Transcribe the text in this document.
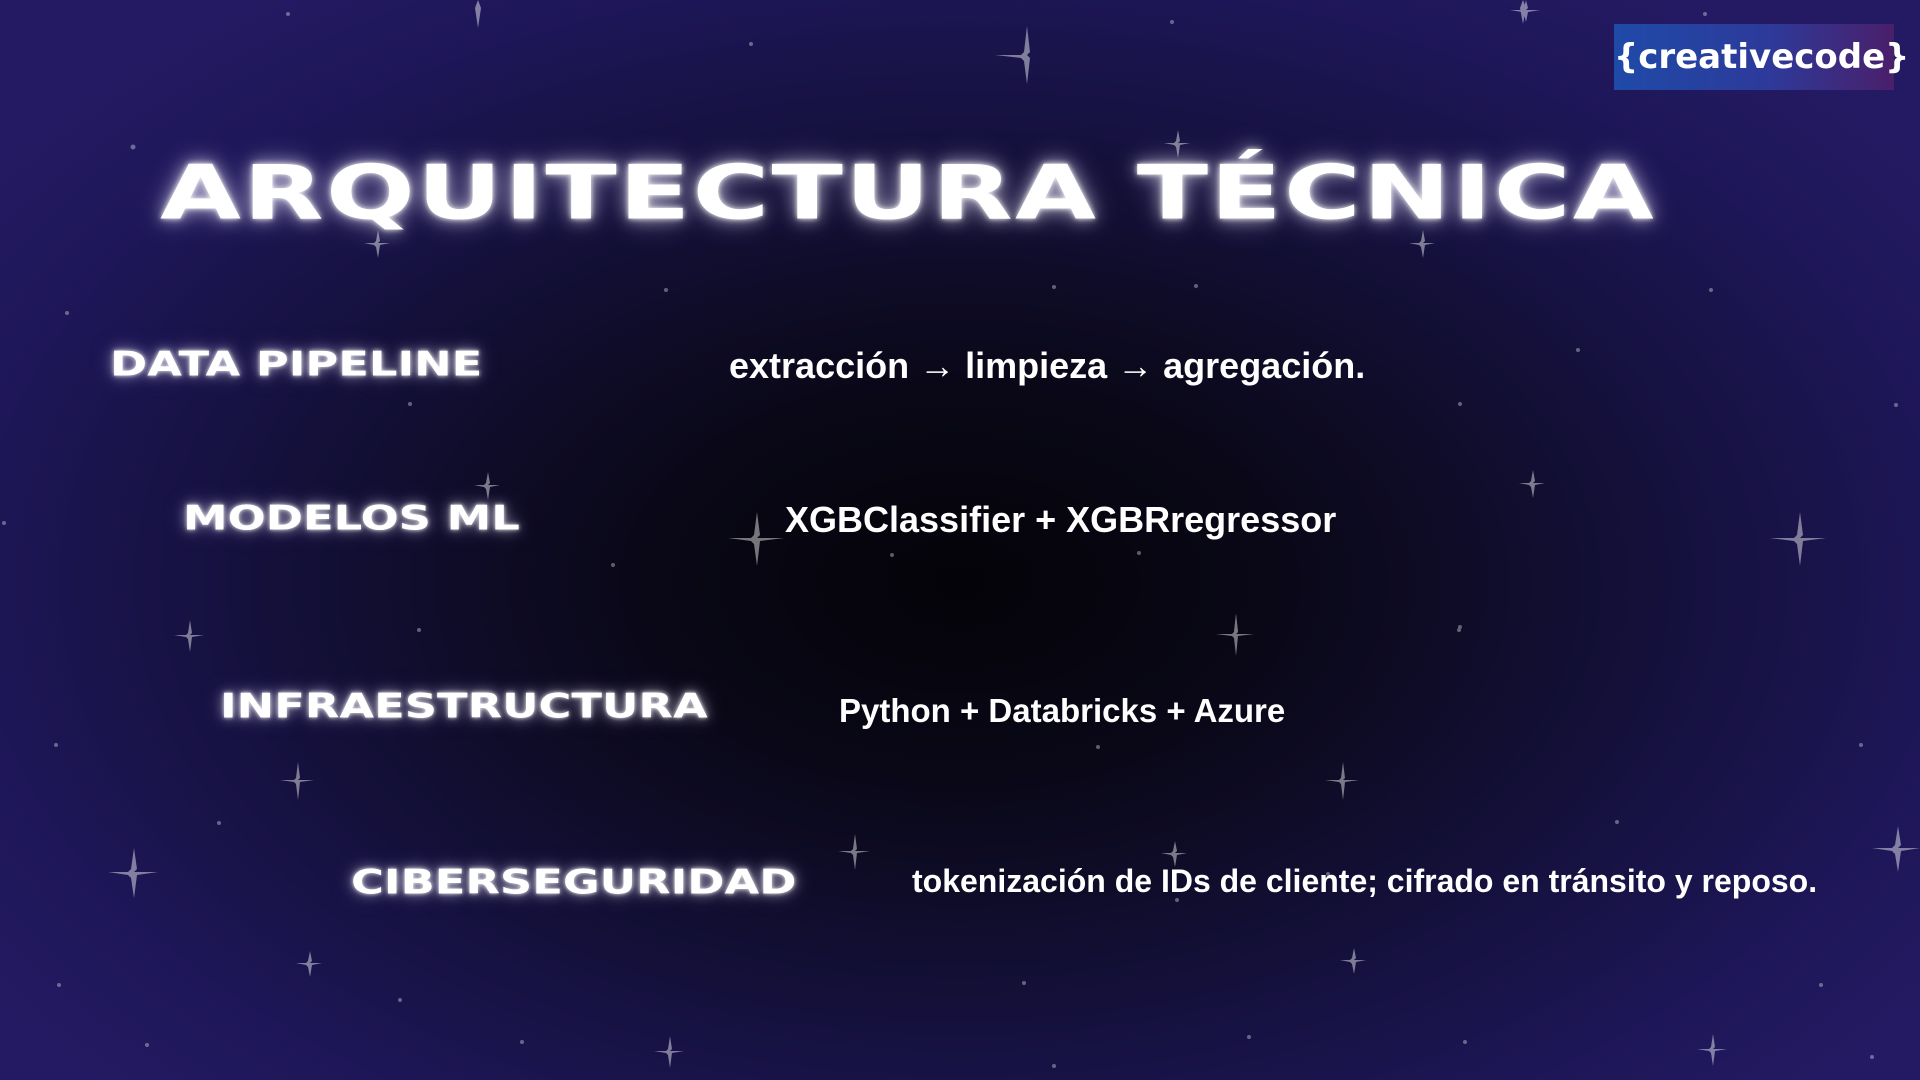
{creativecode}
ARQUITECTURA TÉCNICA
DATA PIPELINE	extracción → limpieza → agregación.
MODELOS ML	XGBClassifier + XGBRregressor
INFRAESTRUCTURA	Python + Databricks + Azure
CIBERSEGURIDAD	tokenización de IDs de cliente; cifrado en tránsito y reposo.
